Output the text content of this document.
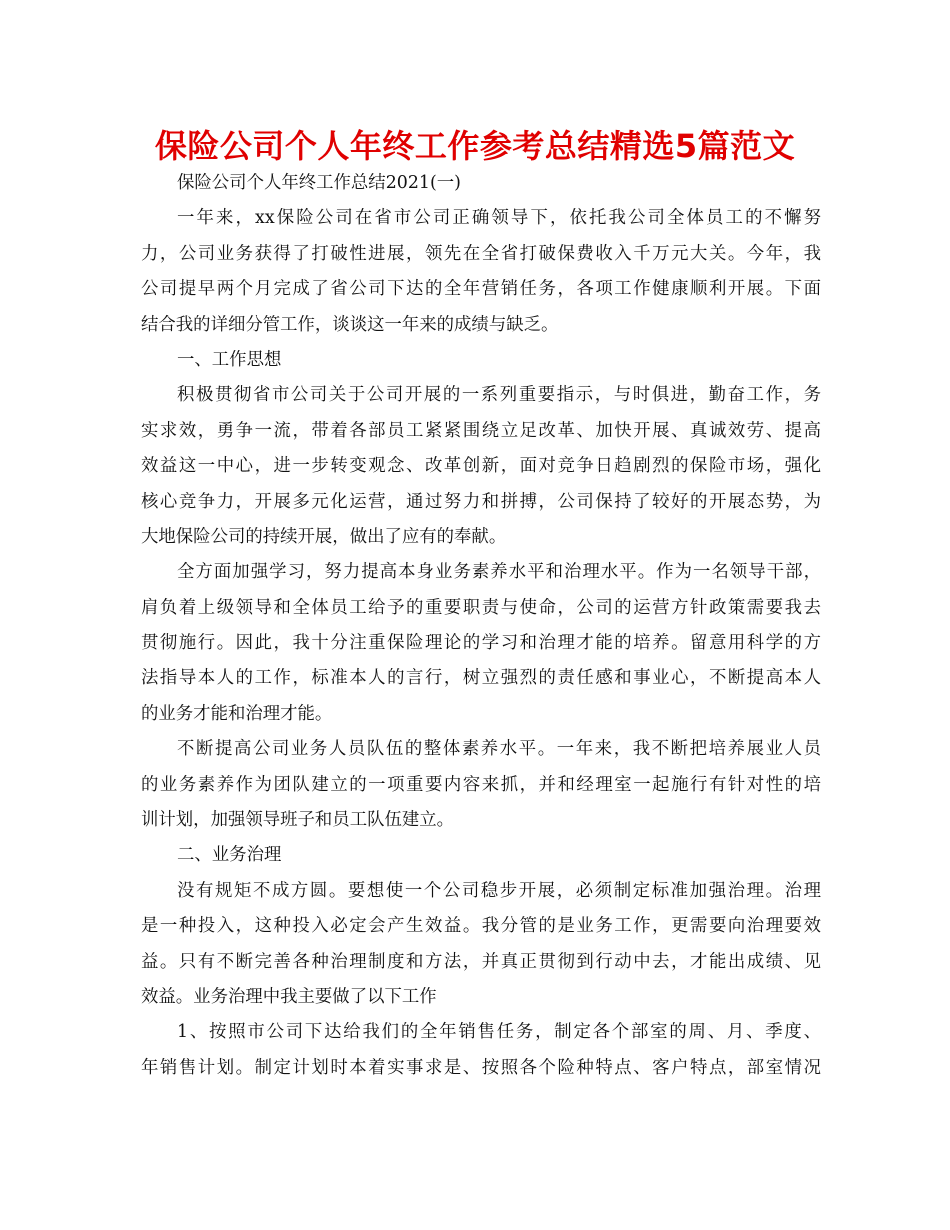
保险公司个人年终工作参考总结精选5篇范文
保险公司个人年终工作总结2021(一)
一年来，xx保险公司在省市公司正确领导下，依托我公司全体员工的不懈努
力，公司业务获得了打破性进展，领先在全省打破保费收入千万元大关。今年，我
公司提早两个月完成了省公司下达的全年营销任务，各项工作健康顺利开展。下面
结合我的详细分管工作，谈谈这一年来的成绩与缺乏。
一、工作思想
积极贯彻省市公司关于公司开展的一系列重要指示，与时俱进，勤奋工作，务
实求效，勇争一流，带着各部员工紧紧围绕立足改革、加快开展、真诚效劳、提高
效益这一中心，进一步转变观念、改革创新，面对竞争日趋剧烈的保险市场，强化
核心竞争力，开展多元化运营，通过努力和拼搏，公司保持了较好的开展态势，为
大地保险公司的持续开展，做出了应有的奉献。
全方面加强学习，努力提高本身业务素养水平和治理水平。作为一名领导干部，
肩负着上级领导和全体员工给予的重要职责与使命，公司的运营方针政策需要我去
贯彻施行。因此，我十分注重保险理论的学习和治理才能的培养。留意用科学的方
法指导本人的工作，标准本人的言行，树立强烈的责任感和事业心，不断提高本人
的业务才能和治理才能。
不断提高公司业务人员队伍的整体素养水平。一年来，我不断把培养展业人员
的业务素养作为团队建立的一项重要内容来抓，并和经理室一起施行有针对性的培
训计划，加强领导班子和员工队伍建立。
二、业务治理
没有规矩不成方圆。要想使一个公司稳步开展，必须制定标准加强治理。治理
是一种投入，这种投入必定会产生效益。我分管的是业务工作，更需要向治理要效
益。只有不断完善各种治理制度和方法，并真正贯彻到行动中去，才能出成绩、见
效益。业务治理中我主要做了以下工作
1、按照市公司下达给我们的全年销售任务，制定各个部室的周、月、季度、
年销售计划。制定计划时本着实事求是、按照各个险种特点、客户特点，部室情况
